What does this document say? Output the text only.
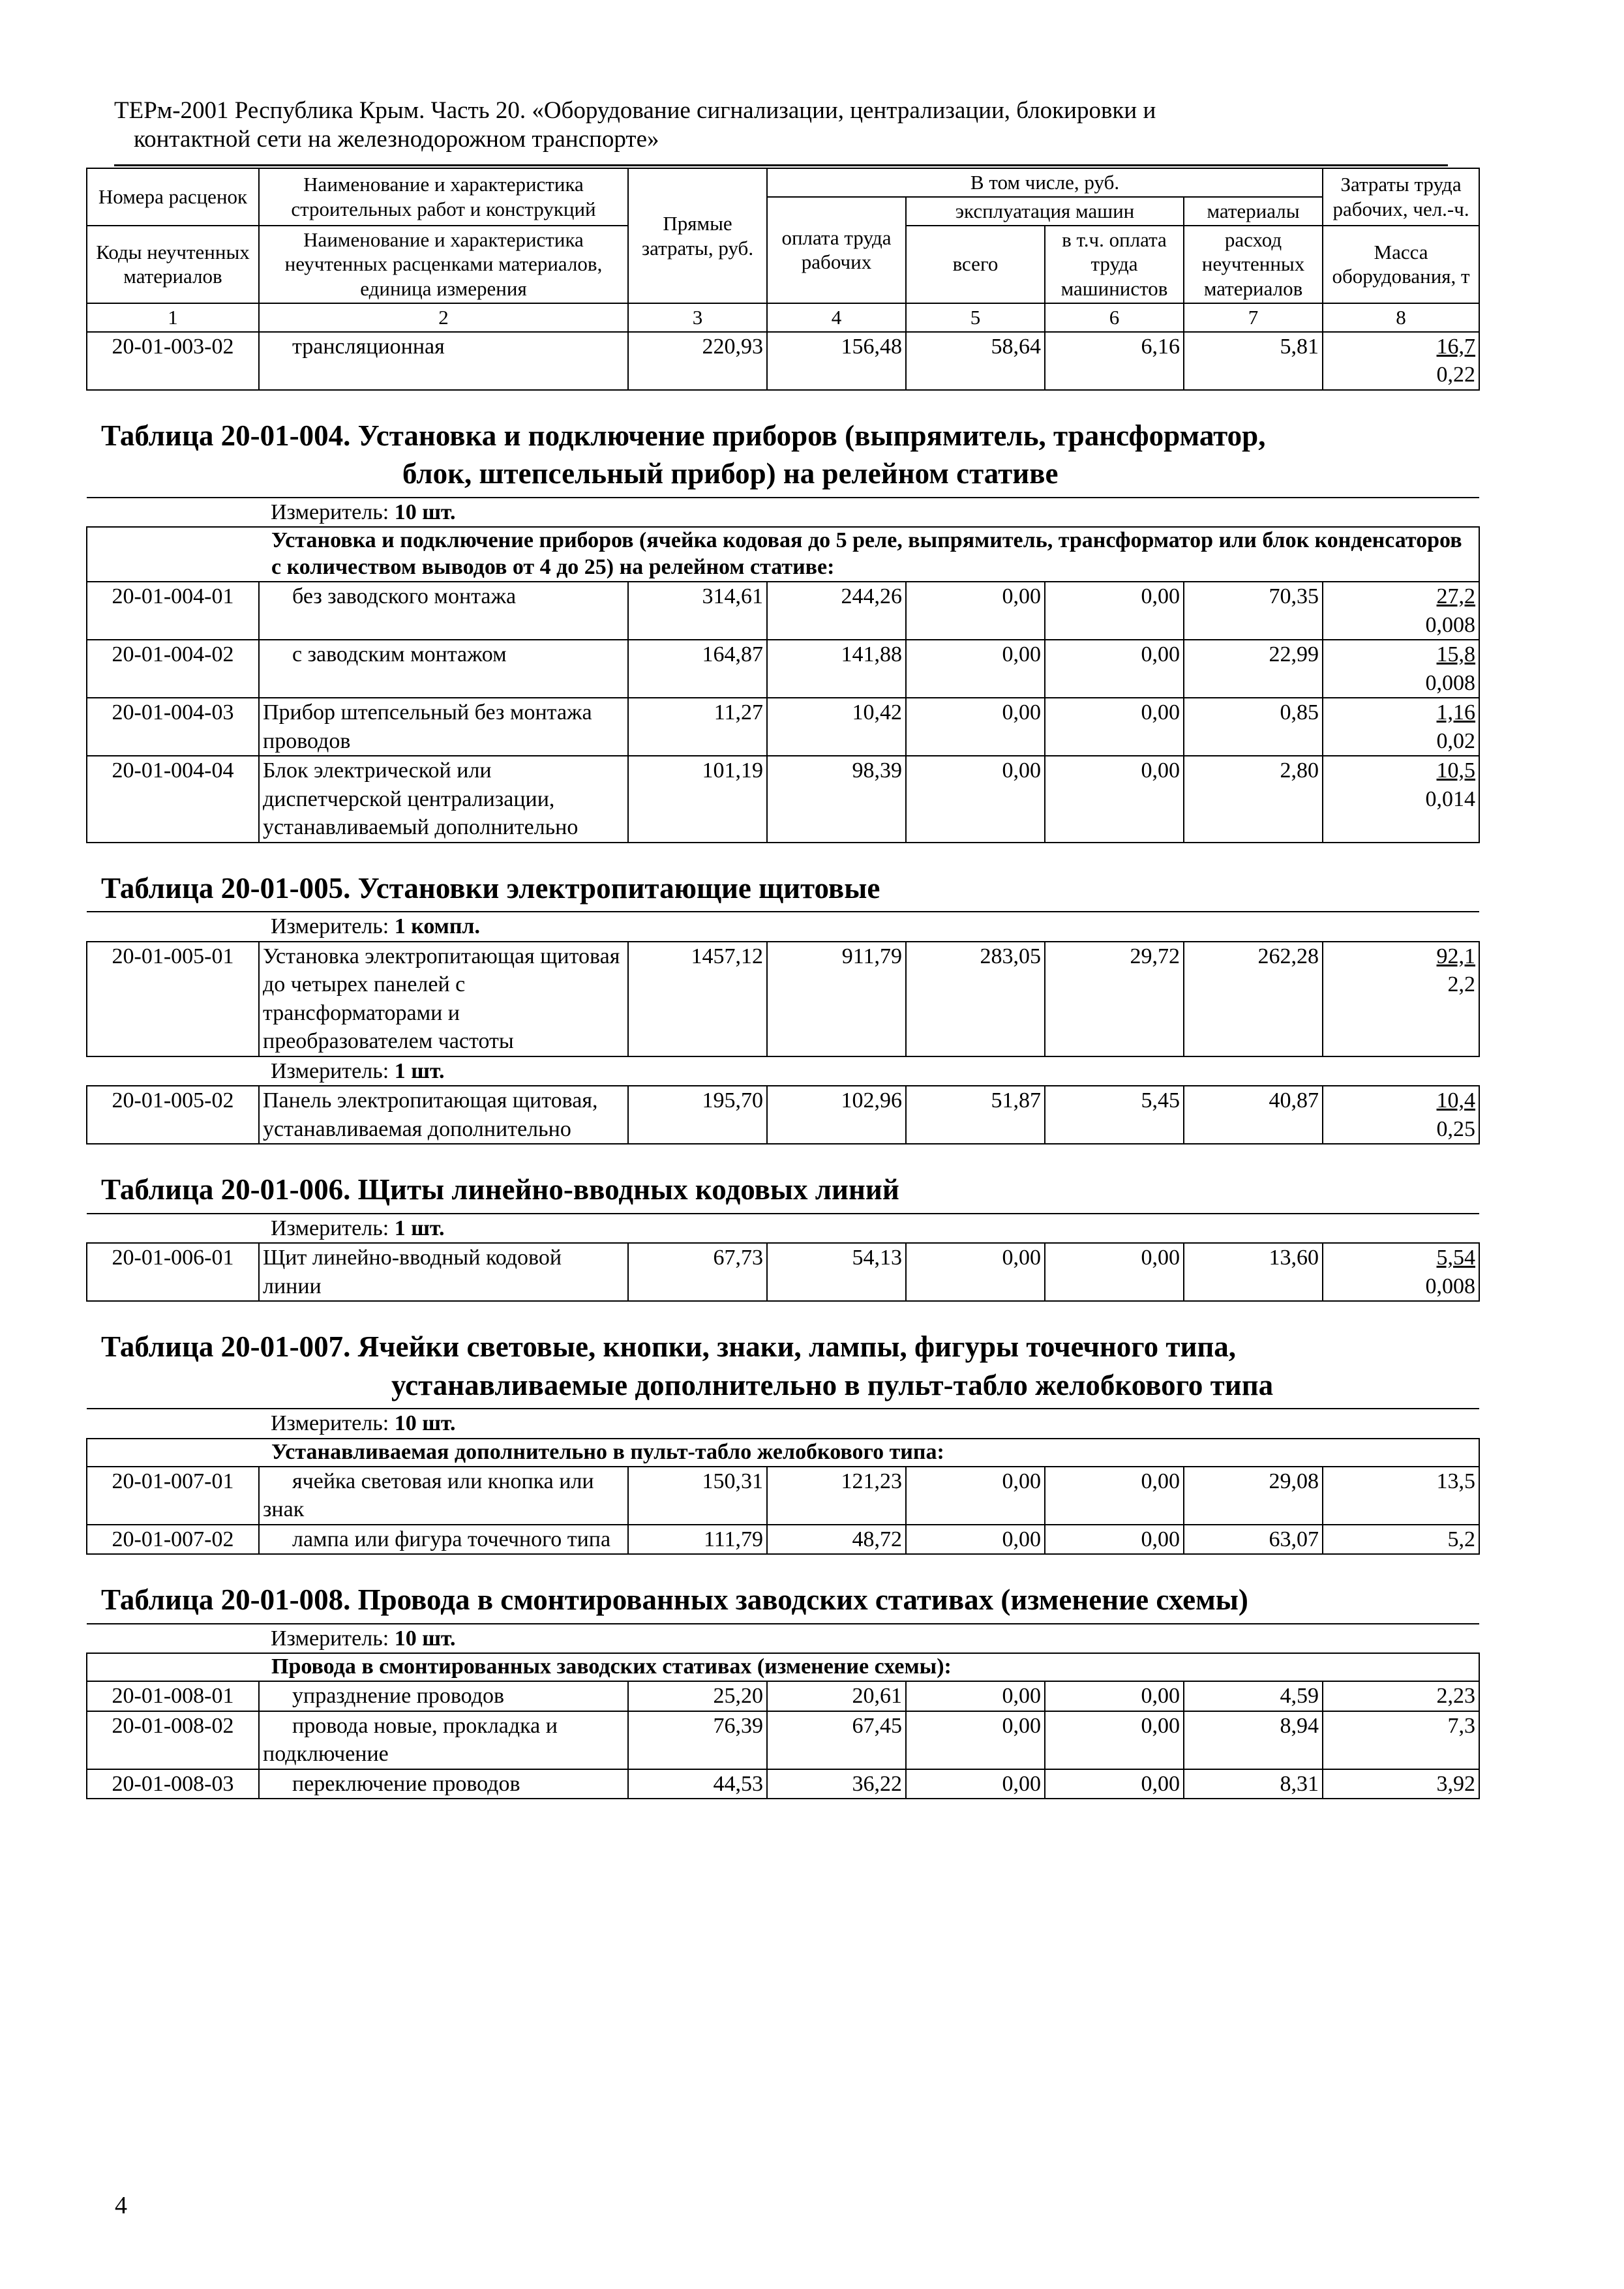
ТЕРм-2001 Республика Крым. Часть 20. «Оборудование сигнализации, централизации, блокировки и
контактной сети на железнодорожном транспорте»
Номера расценок	Наименование и характеристика строительных работ и конструкций	Прямые затраты, руб.	В том числе, руб.				Затраты труда рабочих, чел.-ч.
			оплата труда рабочих	эксплуатация машин		материалы	
Коды неучтенных материалов	Наименование и характеристика неучтенных расценками материалов, единица измерения			всего	в т.ч. оплата труда машинистов	расход неучтенных материалов	
							Масса оборудования, т
1	2	3	4	5	6	7	8
20-01-003-02	трансляционная	220,93	156,48	58,64	6,16	5,81	16,7
0,22

Таблица 20-01-004. Установка и подключение приборов (выпрямитель, трансформатор,
блок, штепсельный прибор) на релейном стативе							

Измеритель: 10 шт.							
Установка и подключение приборов (ячейка кодовая до 5 реле, выпрямитель, трансформатор или блок конденсаторов с количеством выводов от 4 до 25) на релейном стативе:							
20-01-004-01	без заводского монтажа	314,61	244,26	0,00	0,00	70,35	27,2
0,008
20-01-004-02	с заводским монтажом	164,87	141,88	0,00	0,00	22,99	15,8
0,008
20-01-004-03	Прибор штепсельный без монтажа проводов	11,27	10,42	0,00	0,00	0,85	1,16
0,02
20-01-004-04	Блок электрической или диспетчерской централизации, устанавливаемый дополнительно	101,19	98,39	0,00	0,00	2,80	10,5
0,014
Таблица 20-01-005. Установки электропитающие щитовые							
Измеритель: 1 компл.							
20-01-005-01	Установка электропитающая щитовая до четырех панелей с трансформаторами и преобразователем частоты	1457,12	911,79	283,05	29,72	262,28	92,1
2,2
Измеритель: 1 шт.							
20-01-005-02	Панель электропитающая щитовая, устанавливаемая дополнительно	195,70	102,96	51,87	5,45	40,87	10,4
0,25
Таблица 20-01-006. Щиты линейно-вводных кодовых линий							
Измеритель: 1 шт.							
20-01-006-01	Щит линейно-вводный кодовой линии	67,73	54,13	0,00	0,00	13,60	5,54
0,008

Таблица 20-01-007. Ячейки световые, кнопки, знаки, лампы, фигуры точечного типа,
устанавливаемые дополнительно в пульт-табло желобкового типа							

Измеритель: 10 шт.							
Устанавливаемая дополнительно в пульт-табло желобкового типа:							
20-01-007-01	ячейка световая или кнопка или знак	150,31	121,23	0,00	0,00	29,08	13,5
20-01-007-02	лампа или фигура точечного типа	111,79	48,72	0,00	0,00	63,07	5,2
Таблица 20-01-008. Провода в смонтированных заводских стативах (изменение схемы)							
Измеритель: 10 шт.							
Провода в смонтированных заводских стативах (изменение схемы):							
20-01-008-01	упразднение проводов	25,20	20,61	0,00	0,00	4,59	2,23
20-01-008-02	провода новые, прокладка и подключение	76,39	67,45	0,00	0,00	8,94	7,3
20-01-008-03	переключение проводов	44,53	36,22	0,00	0,00	8,31	3,92
4
